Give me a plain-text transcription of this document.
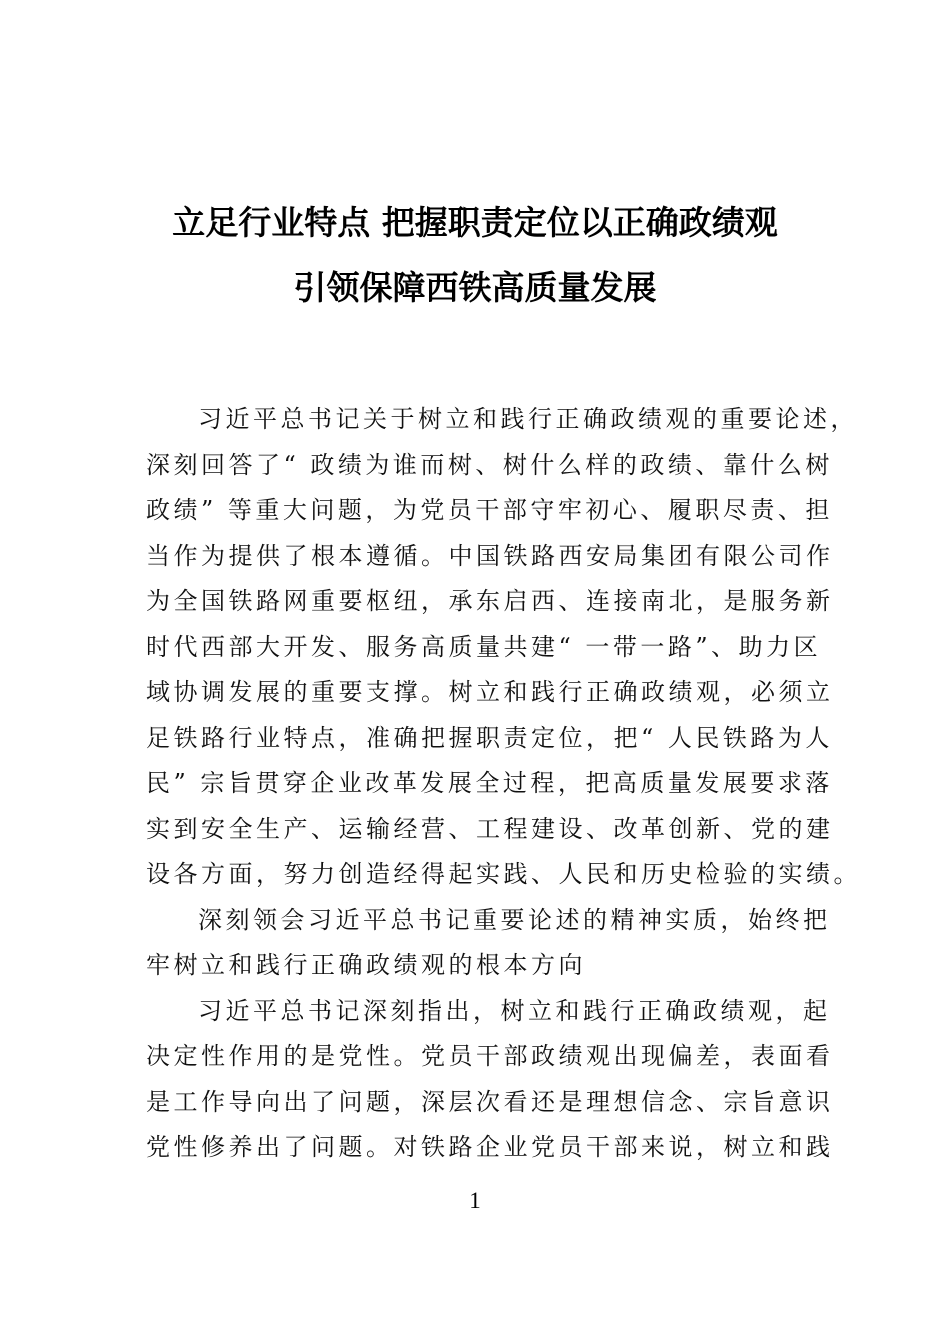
立足行业特点 把握职责定位以正确政绩观
引领保障西铁高质量发展
习近平总书记关于树立和践行正确政绩观的重要论述，
深刻回答了“ 政绩为谁而树、树什么样的政绩、靠什么树
政绩” 等重大问题，为党员干部守牢初心、履职尽责、担
当作为提供了根本遵循。中国铁路西安局集团有限公司作
为全国铁路网重要枢纽，承东启西、连接南北，是服务新
时代西部大开发、服务高质量共建“ 一带一路”、助力区
域协调发展的重要支撑。树立和践行正确政绩观，必须立
足铁路行业特点，准确把握职责定位，把“ 人民铁路为人
民” 宗旨贯穿企业改革发展全过程，把高质量发展要求落
实到安全生产、运输经营、工程建设、改革创新、党的建
设各方面，努力创造经得起实践、人民和历史检验的实绩。
深刻领会习近平总书记重要论述的精神实质，始终把
牢树立和践行正确政绩观的根本方向
习近平总书记深刻指出，树立和践行正确政绩观，起
决定性作用的是党性。党员干部政绩观出现偏差，表面看
是工作导向出了问题，深层次看还是理想信念、宗旨意识
党性修养出了问题。对铁路企业党员干部来说，树立和践
1
